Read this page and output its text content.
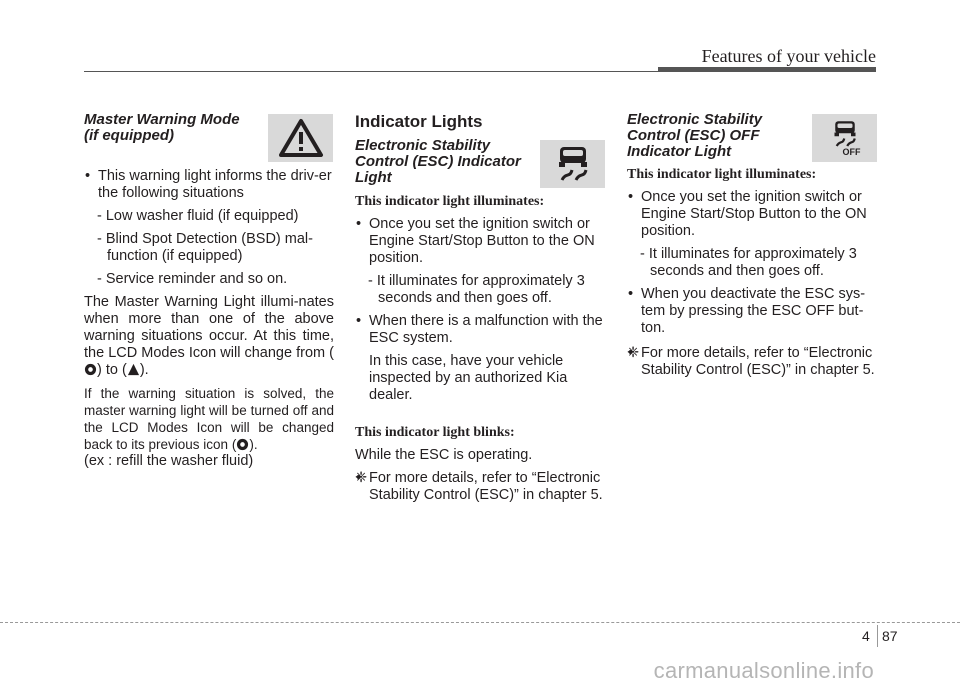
Features of your vehicle

Master Warning Mode
(if equipped)

• This warning light informs the driv-er the following situations
- Low washer fluid (if equipped)
- Blind Spot Detection (BSD) mal-function (if equipped)
- Service reminder and so on.

The Master Warning Light illumi-nates when more than one of the above warning situations occur. At this time, the LCD Modes Icon will change from () to ( ).

If the warning situation is solved, the master warning light will be turned off and the LCD Modes Icon will be changed back to its previous icon ( ).

(ex : refill the washer fluid)

Indicator Lights

Electronic Stability
Control (ESC) Indicator
Light

This indicator light illuminates:

• Once you set the ignition switch or Engine Start/Stop Button to the ON position.
- It illuminates for approximately 3 seconds and then goes off.
• When there is a malfunction with the ESC system.
In this case, have your vehicle inspected by an authorized Kia dealer.

This indicator light blinks:

While the ESC is operating.

• ❈ For more details, refer to “Electronic Stability Control (ESC)” in chapter 5.

Electronic Stability
Control (ESC) OFF
Indicator Light

This indicator light illuminates:

• Once you set the ignition switch or Engine Start/Stop Button to the ON position.
- It illuminates for approximately 3 seconds and then goes off.
• When you deactivate the ESC sys-tem by pressing the ESC OFF but-ton.
• ❈ For more details, refer to “Electronic Stability Control (ESC)” in chapter 5.
OFF
4 87
carmanualsonline.info
